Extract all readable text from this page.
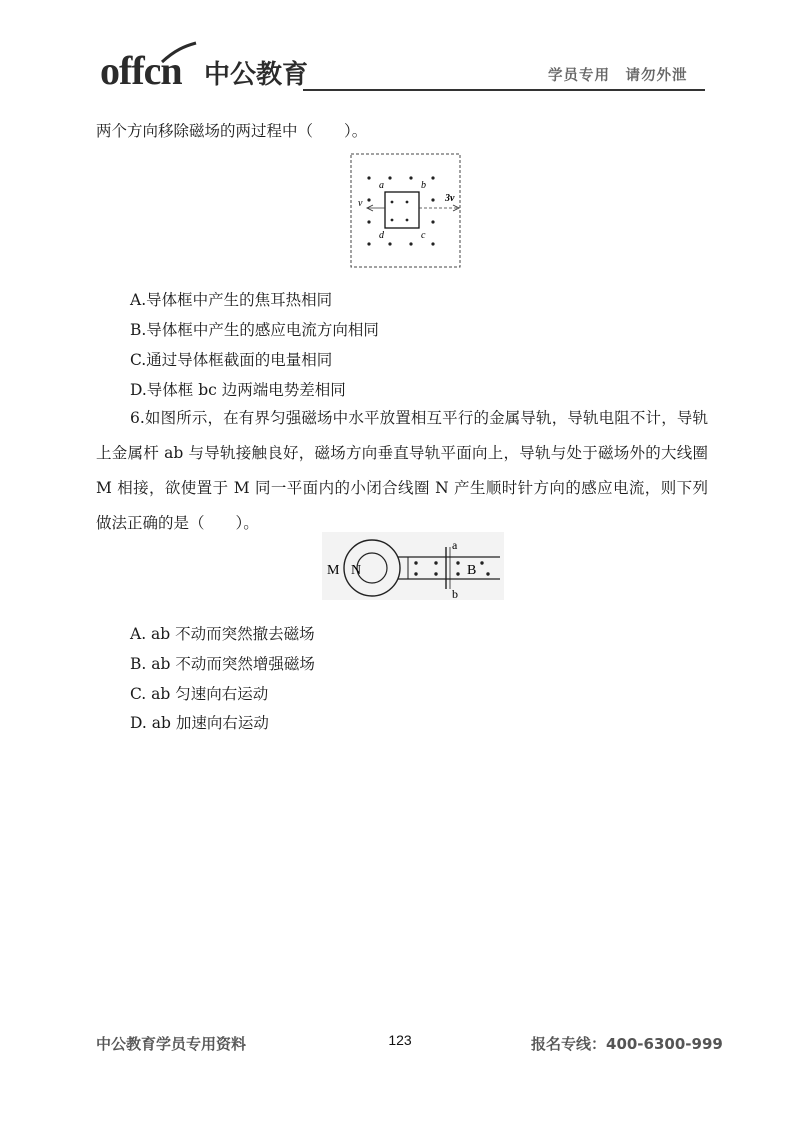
offcn 中公教育	学员专用　请勿外泄
两个方向移除磁场的两过程中（　　）。
a	b
c
d
v	3v
A.导体框中产生的焦耳热相同
B.导体框中产生的感应电流方向相同
C.通过导体框截面的电量相同
D.导体框 bc 边两端电势差相同
6.如图所示，在有界匀强磁场中水平放置相互平行的金属导轨，导轨电阻不计，导轨上金属杆 ab 与导轨接触良好，磁场方向垂直导轨平面向上，导轨与处于磁场外的大线圈 M 相接，欲使置于 M 同一平面内的小闭合线圈 N 产生顺时针方向的感应电流，则下列做法正确的是（　　）。
M N
a
b
B
A. ab 不动而突然撤去磁场
B. ab 不动而突然增强磁场
C. ab 匀速向右运动
D. ab 加速向右运动
中公教育学员专用资料	123	报名专线：400-6300-999
